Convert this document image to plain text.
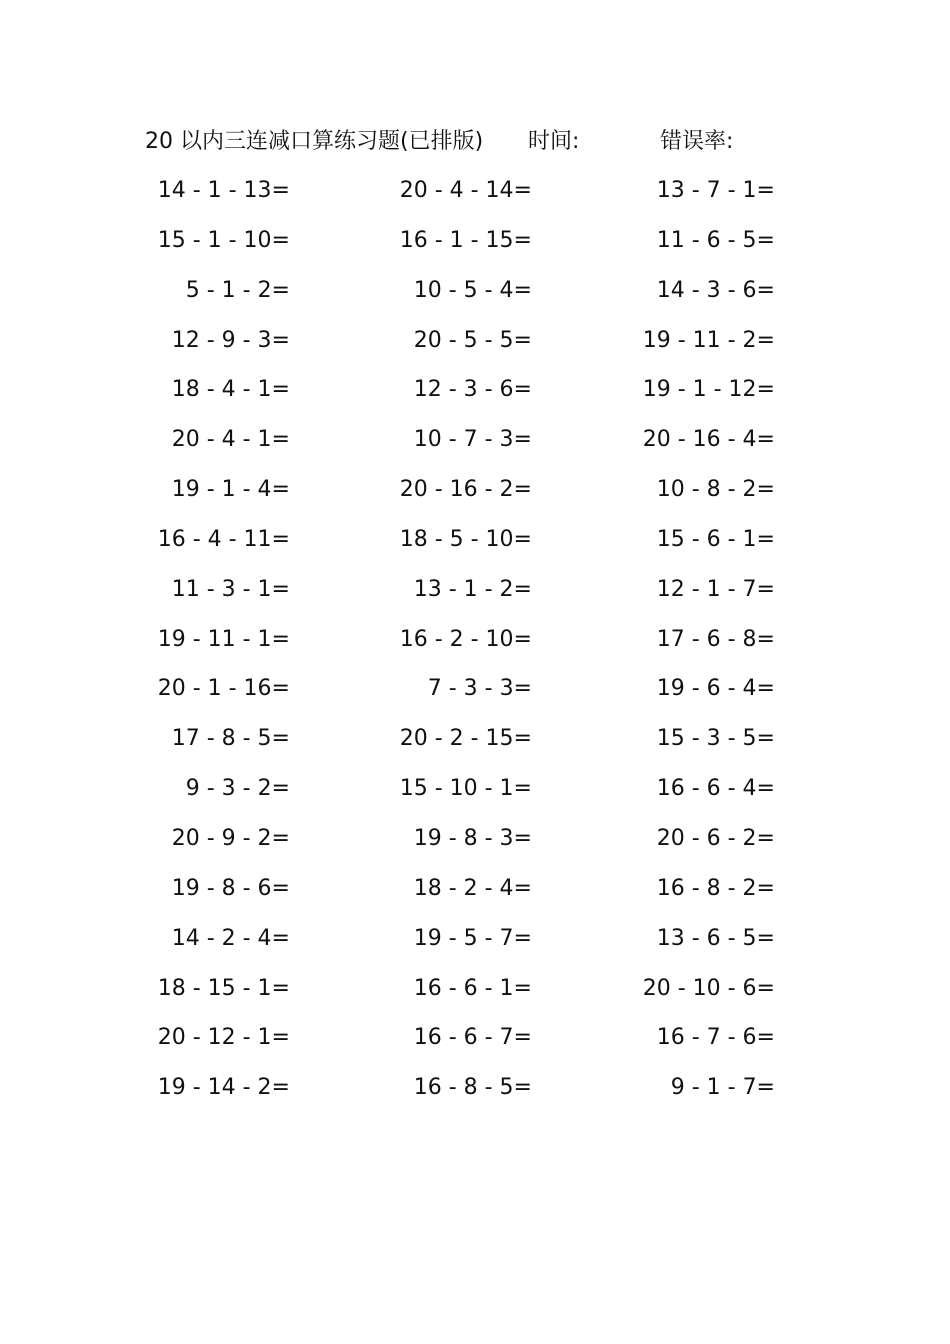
20 以内三连减口算练习题(已排版) 时间:	错误率:
14 - 1 - 13=
15 - 1 - 10=
5 - 1 - 2=
12 - 9 - 3=
18 - 4 - 1=
20 - 4 - 1=
19 - 1 - 4=
16 - 4 - 11=
11 - 3 - 1=
19 - 11 - 1=
20 - 1 - 16=
17 - 8 - 5=
9 - 3 - 2=
20 - 9 - 2=
19 - 8 - 6=
14 - 2 - 4=
18 - 15 - 1=
20 - 12 - 1=
19 - 14 - 2=
20 - 4 - 14=
16 - 1 - 15=
10 - 5 - 4=
20 - 5 - 5=
12 - 3 - 6=
10 - 7 - 3=
20 - 16 - 2=
18 - 5 - 10=
13 - 1 - 2=
16 - 2 - 10=
7 - 3 - 3=
20 - 2 - 15=
15 - 10 - 1=
19 - 8 - 3=
18 - 2 - 4=
19 - 5 - 7=
16 - 6 - 1=
16 - 6 - 7=
16 - 8 - 5=
13 - 7 - 1=
11 - 6 - 5=
14 - 3 - 6=
19 - 11 - 2=
19 - 1 - 12=
20 - 16 - 4=
10 - 8 - 2=
15 - 6 - 1=
12 - 1 - 7=
17 - 6 - 8=
19 - 6 - 4=
15 - 3 - 5=
16 - 6 - 4=
20 - 6 - 2=
16 - 8 - 2=
13 - 6 - 5=
20 - 10 - 6=
16 - 7 - 6=
9 - 1 - 7=
